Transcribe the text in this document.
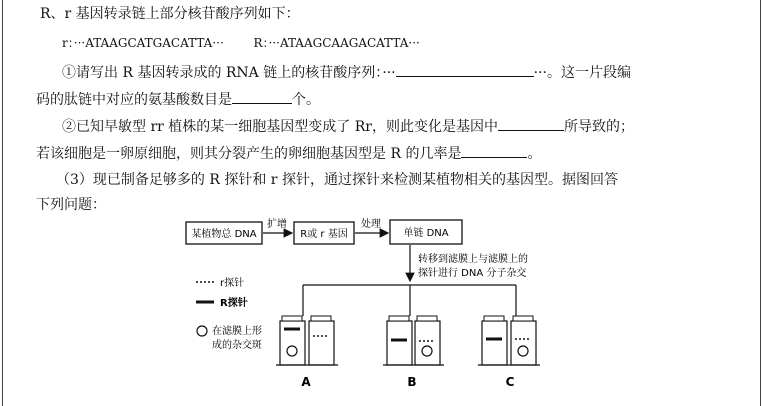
R、r 基因转录链上部分核苷酸序列如下：
r：···ATAAGCATGACATTA··· R：···ATAAGCAAGACATTA···
①请写出 R 基因转录成的 RNA 链上的核苷酸序列：···	···。这一片段编
码的肽链中对应的氨基酸数目是	个。
②已知早敏型 rr 植株的某一细胞基因型变成了 Rr，则此变化是基因中	所导致的；
若该细胞是一卵原细胞，则其分裂产生的卵细胞基因型是 R 的几率是	。
（3）现已制备足够多的 R 探针和 r 探针，通过探针来检测某植物相关的基因型。据图回答
下列问题：
某植物总 DNA
扩增
R或 r 基因
处理
单链 DNA
转移到滤膜上与滤膜上的
探针进行 DNA 分子杂交
r探针
R探针
在滤膜上形
成的杂交斑
A	B	C
